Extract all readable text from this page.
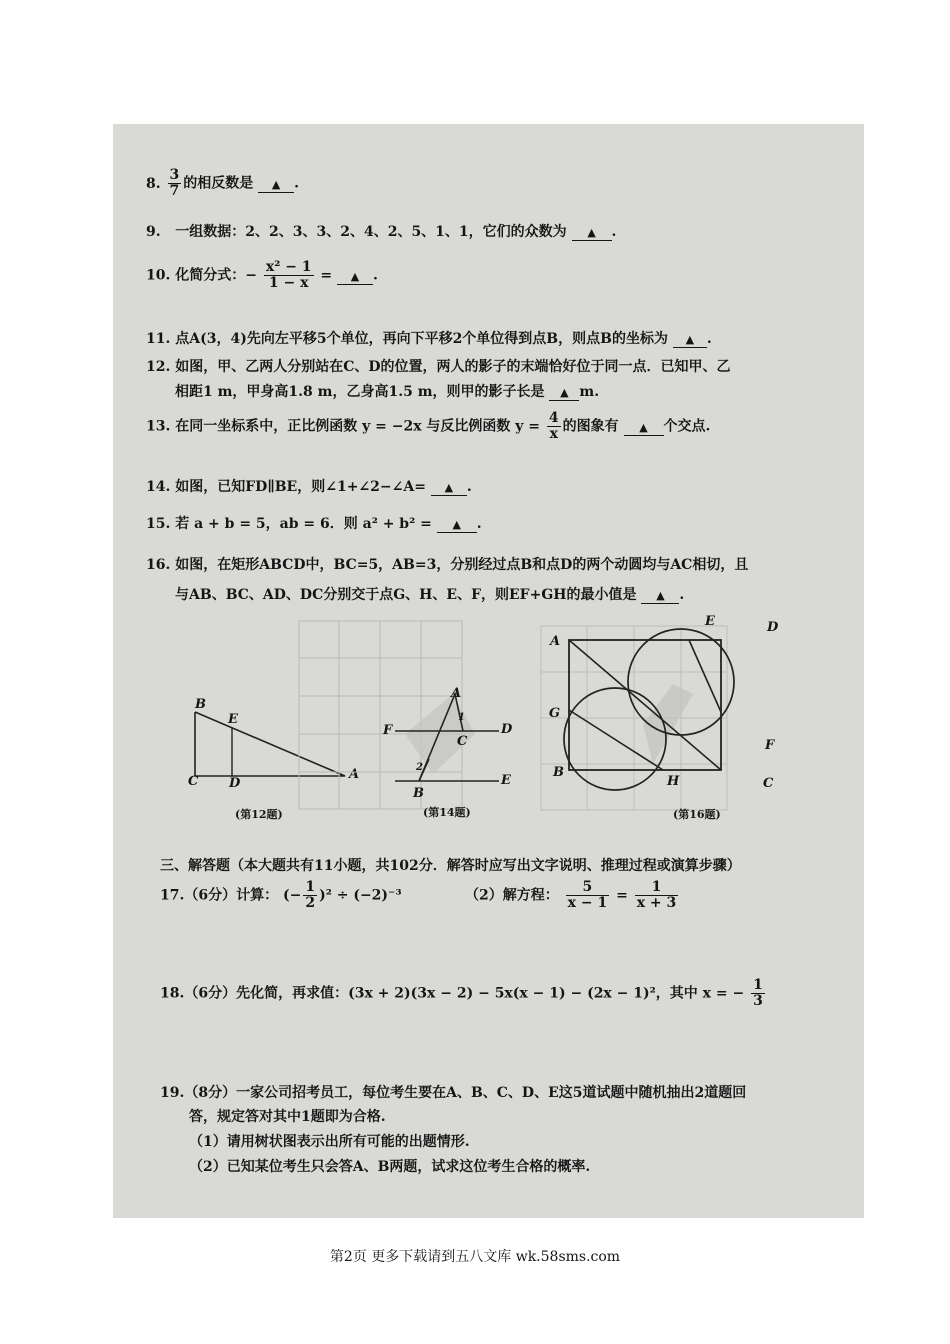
8. $\frac{3}{7}$ 的相反数是 ▲ .
9. 一组数据：2、2、3、3、2、4、2、5、1、1，它们的众数为 ▲ .
10. 化简分式：− $\frac{\text{x² − 1}}{1 - x}$ = ▲ .
11. 点A(3，4)先向左平移5个单位，再向下平移2个单位得到点B，则点B的坐标为 ▲ .
12. 如图，甲、乙两人分别站在C、D的位置，两人的影子的末端恰好位于同一点．已知甲、乙
相距1 m，甲身高1.8 m，乙身高1.5 m，则甲的影子长是 ▲ m.
13. 在同一坐标系中，正比例函数 y = −2x 与反比例函数 $y = \frac{4}{x}$ 的图象有 ▲ 个交点.
14. 如图，已知FD∥BE，则∠1+∠2−∠A= ▲ .
15. 若 a + b = 5，ab = 6．则 a² + b² = ▲ .
16. 如图，在矩形ABCD中，BC=5，AB=3，分别经过点B和点D的两个动圆均与AC相切，且
与AB、BC、AD、DC分别交于点G、H、E、F，则EF+GH的最小值是 ▲ .
B
E
C D
A
(第12题)
A
F
C
D
1
2
B
E
(第14题)
A
E	D
G
F
B
H	C
(第16题)
三、解答题（本大题共有11小题，共102分．解答时应写出文字说明、推理过程或演算步骤）
17.（6分）计算： (− $\frac{1}{2} )^2 \div (-2)^{-3}$	（2）解方程： $\frac{5}{x - 1} = \frac{1}{x + 3}$
18.（6分）先化简，再求值：(3x + 2)(3x − 2) − 5x(x − 1) − (2x − 1)²，其中 x = − $\frac{1}{3}$
19.（8分）一家公司招考员工，每位考生要在A、B、C、D、E这5道试题中随机抽出2道题回
答，规定答对其中1题即为合格.
（1）请用树状图表示出所有可能的出题情形.
（2）已知某位考生只会答A、B两题，试求这位考生合格的概率.
第2页 更多下载请到五八文库 wk.58sms.com
